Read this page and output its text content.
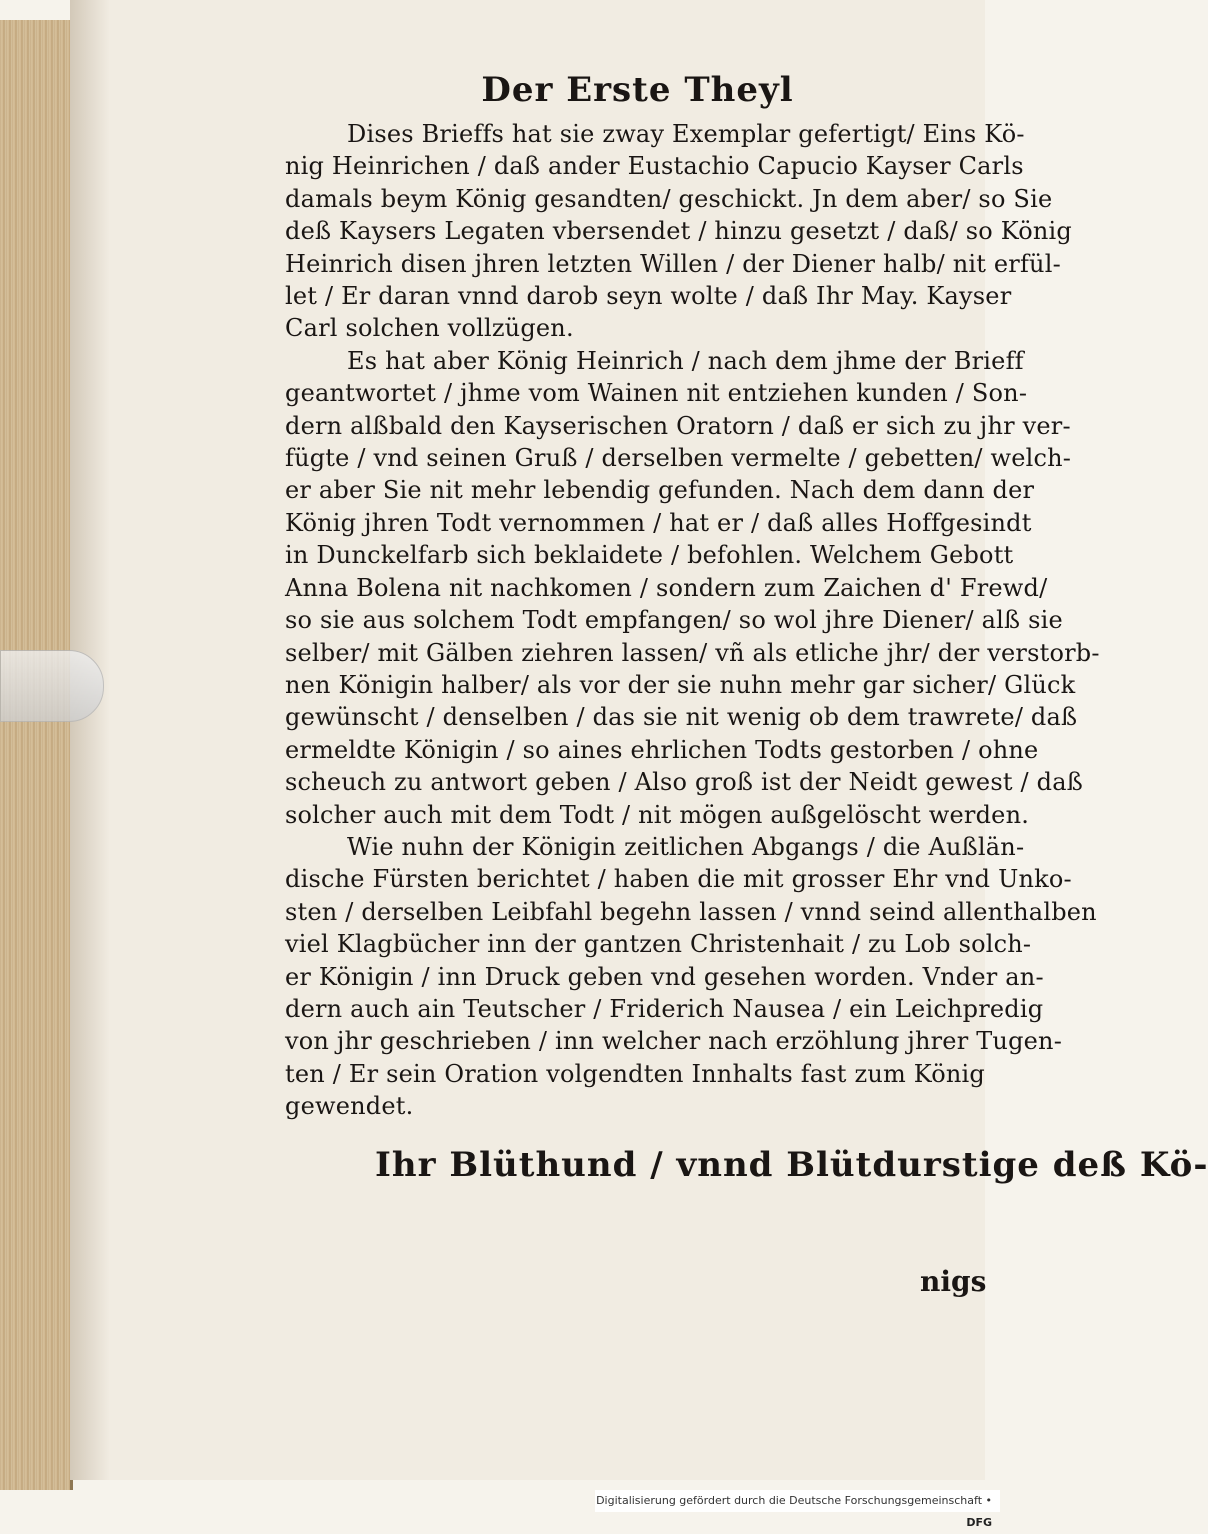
Der Erste Theyl
Dises Brieffs hat sie zway Exemplar gefertigt/ Eins Kö-
nig Heinrichen / daß ander Eustachio Capucio Kayser Carls
damals beym König gesandten/ geschickt. Jn dem aber/ so Sie
deß Kaysers Legaten vbersendet / hinzu gesetzt / daß/ so König
Heinrich disen jhren letzten Willen / der Diener halb/ nit erfül-
let / Er daran vnnd darob seyn wolte / daß Ihr May. Kayser
Carl solchen vollzügen.
Es hat aber König Heinrich / nach dem jhme der Brieff
geantwortet / jhme vom Wainen nit entziehen kunden / Son-
dern alßbald den Kayserischen Oratorn / daß er sich zu jhr ver-
fügte / vnd seinen Gruß / derselben vermelte / gebetten/ welch-
er aber Sie nit mehr lebendig gefunden. Nach dem dann der
König jhren Todt vernommen / hat er / daß alles Hoffgesindt
in Dunckelfarb sich beklaidete / befohlen. Welchem Gebott
Anna Bolena nit nachkomen / sondern zum Zaichen d' Frewd/
so sie aus solchem Todt empfangen/ so wol jhre Diener/ alß sie
selber/ mit Gälben ziehren lassen/ vñ als etliche jhr/ der verstorb-
nen Königin halber/ als vor der sie nuhn mehr gar sicher/ Glück
gewünscht / denselben / das sie nit wenig ob dem trawrete/ daß
ermeldte Königin / so aines ehrlichen Todts gestorben / ohne
scheuch zu antwort geben / Also groß ist der Neidt gewest / daß
solcher auch mit dem Todt / nit mögen außgelöscht werden.
Wie nuhn der Königin zeitlichen Abgangs / die Außlän-
dische Fürsten berichtet / haben die mit grosser Ehr vnd Unko-
sten / derselben Leibfahl begehn lassen / vnnd seind allenthalben
viel Klagbücher inn der gantzen Christenhait / zu Lob solch-
er Königin / inn Druck geben vnd gesehen worden. Vnder an-
dern auch ain Teutscher / Friderich Nausea / ein Leichpredig
von jhr geschrieben / inn welcher nach erzöhlung jhrer Tugen-
ten / Er sein Oration volgendten Innhalts fast zum König
gewendet.
Ihr Blüthund / vnnd Blütdurstige deß Kö-
nigs
Digitalisierung gefördert durch die Deutsche Forschungsgemeinschaft • DFG
